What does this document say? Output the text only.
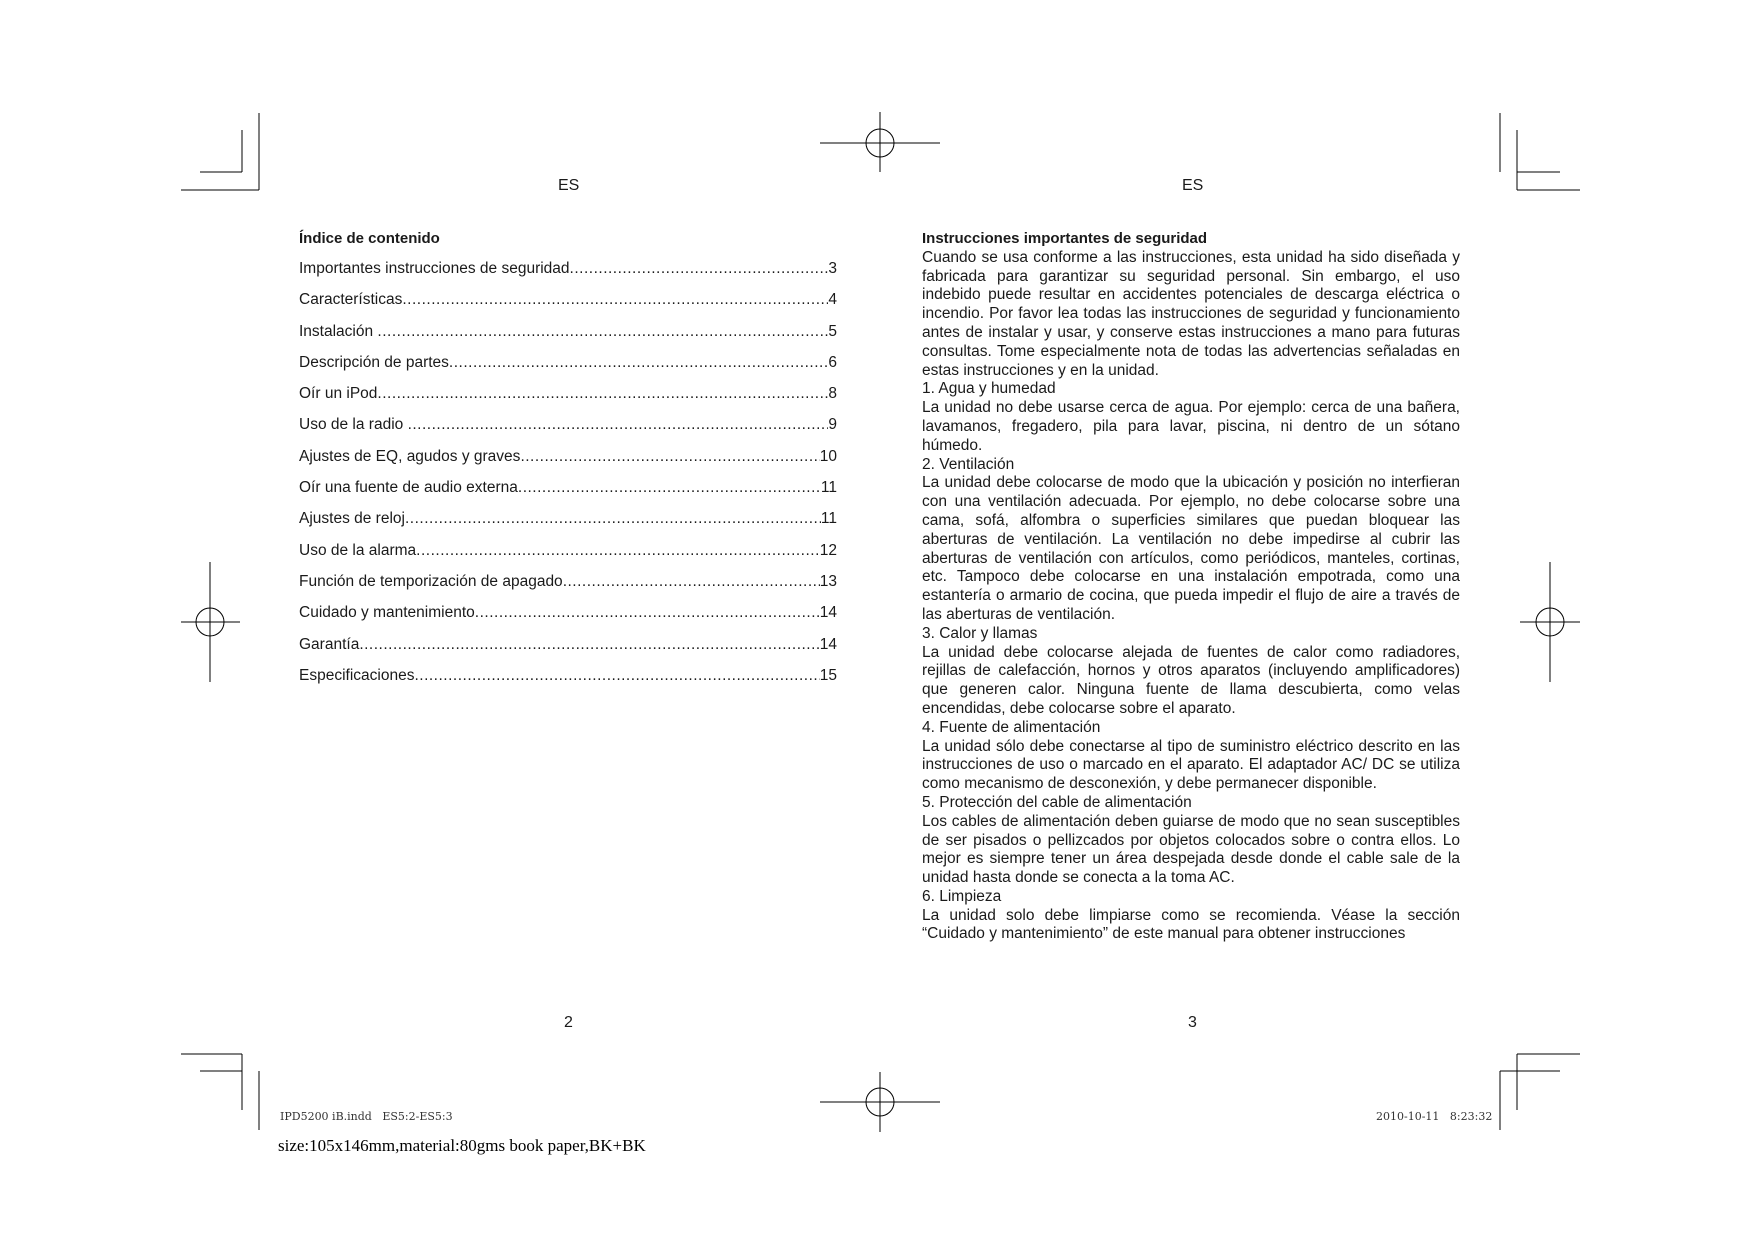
ES
Índice de contenido
Importantes instrucciones de seguridad .....	3
Características .....	4
Instalación .....	5
Descripción de partes .....	6
Oír un iPod .....	8
Uso de la radio .....	9
Ajustes de EQ, agudos y graves .....	10
Oír una fuente de audio externa .....	11
Ajustes de reloj .....	11
Uso de la alarma .....	12
Función de temporización de apagado .....	13
Cuidado y mantenimiento .....	14
Garantía .....	14
Especificaciones .....	15
2
ES
Instrucciones importantes de seguridad

Cuando se usa conforme a las instrucciones, esta unidad ha sido diseñada y fabricada para garantizar su seguridad personal. Sin embargo, el uso indebido puede resultar en accidentes potenciales de descarga eléctrica o incendio. Por favor lea todas las instrucciones de seguridad y funcionamiento antes de instalar y usar, y conserve estas instrucciones a mano para futuras consultas. Tome especialmente nota de todas las advertencias señaladas en estas instrucciones y en la unidad.

1. Agua y humedad

La unidad no debe usarse cerca de agua. Por ejemplo: cerca de una bañera, lavamanos, fregadero, pila para lavar, piscina, ni dentro de un sótano húmedo.

2. Ventilación

La unidad debe colocarse de modo que la ubicación y posición no interfieran con una ventilación adecuada. Por ejemplo, no debe colocarse sobre una cama, sofá, alfombra o superficies similares que puedan bloquear las aberturas de ventilación. La ventilación no debe impedirse al cubrir las aberturas de ventilación con artículos, como periódicos, manteles, cortinas, etc. Tampoco debe colocarse en una instalación empotrada, como una estantería o armario de cocina, que pueda impedir el flujo de aire a través de las aberturas de ventilación.

3. Calor y llamas

La unidad debe colocarse alejada de fuentes de calor como radiadores, rejillas de calefacción, hornos y otros aparatos (incluyendo amplificadores) que generen calor. Ninguna fuente de llama descubierta, como velas encendidas, debe colocarse sobre el aparato.

4. Fuente de alimentación

La unidad sólo debe conectarse al tipo de suministro eléctrico descrito en las instrucciones de uso o marcado en el aparato. El adaptador AC/ DC se utiliza como mecanismo de desconexión, y debe permanecer disponible.

5. Protección del cable de alimentación

Los cables de alimentación deben guiarse de modo que no sean susceptibles de ser pisados o pellizcados por objetos colocados sobre o contra ellos. Lo mejor es siempre tener un área despejada desde donde el cable sale de la unidad hasta donde se conecta a la toma AC.

6. Limpieza

La unidad solo debe limpiarse como se recomienda. Véase la sección “Cuidado y mantenimiento” de este manual para obtener instrucciones

3
IPD5200 iB.indd   ES5:2-ES5:3	2010-10-11   8:23:32
size:105x146mm,material:80gms book paper,BK+BK
